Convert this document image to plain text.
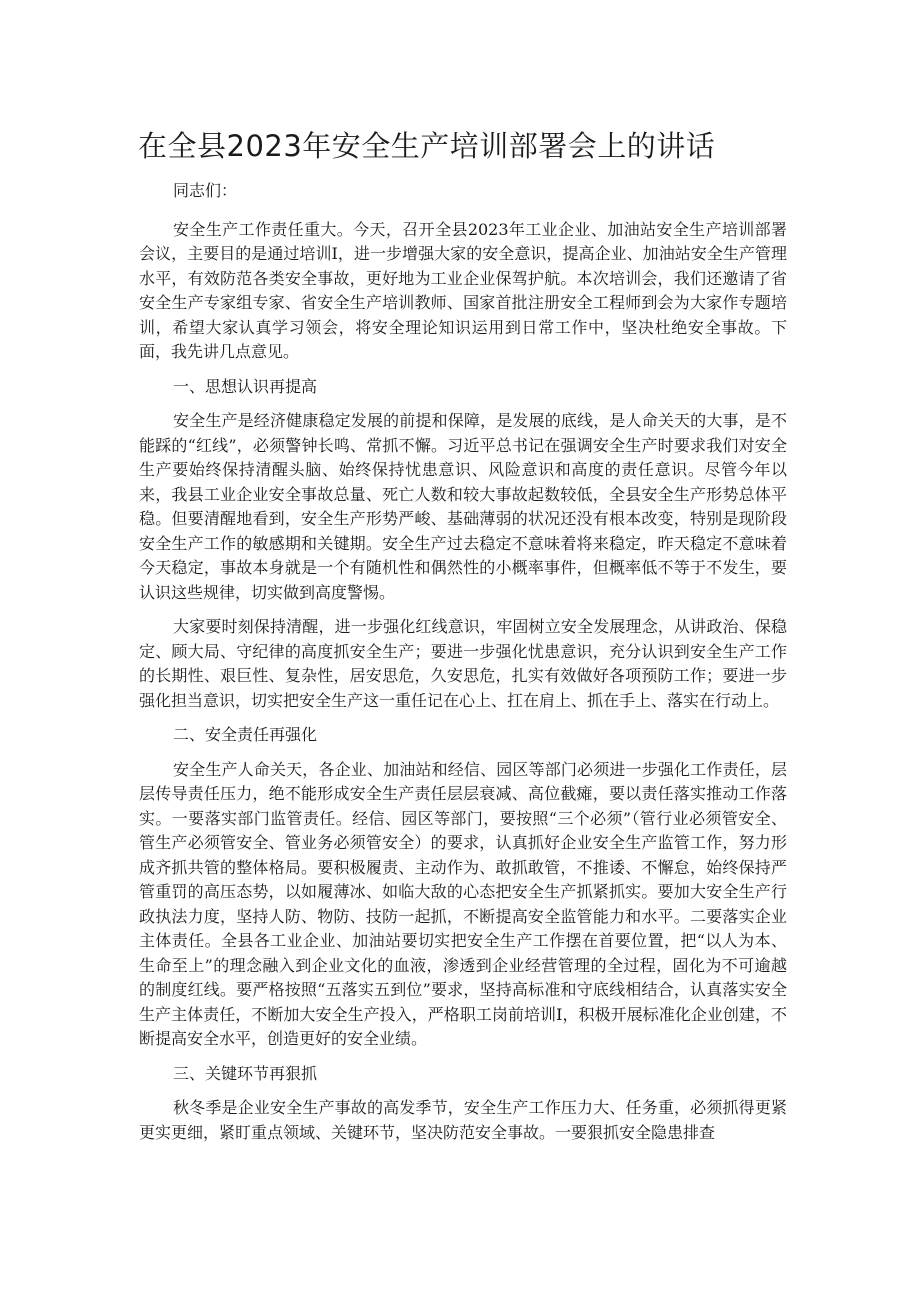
在全县2023年安全生产培训部署会上的讲话

同志们：

安全生产工作责任重大。今天，召开全县2023年工业企业、加油站安全生产培训部署会议，主要目的是通过培训I，进一步增强大家的安全意识，提高企业、加油站安全生产管理水平，有效防范各类安全事故，更好地为工业企业保驾护航。本次培训会，我们还邀请了省安全生产专家组专家、省安全生产培训教师、国家首批注册安全工程师到会为大家作专题培训，希望大家认真学习领会，将安全理论知识运用到日常工作中，坚决杜绝安全事故。下面，我先讲几点意见。

一、思想认识再提高

安全生产是经济健康稳定发展的前提和保障，是发展的底线，是人命关天的大事，是不能踩的“红线”，必须警钟长鸣、常抓不懈。习近平总书记在强调安全生产时要求我们对安全生产要始终保持清醒头脑、始终保持忧患意识、风险意识和高度的责任意识。尽管今年以来，我县工业企业安全事故总量、死亡人数和较大事故起数较低，全县安全生产形势总体平稳。但要清醒地看到，安全生产形势严峻、基础薄弱的状况还没有根本改变，特别是现阶段安全生产工作的敏感期和关键期。安全生产过去稳定不意味着将来稳定，昨天稳定不意味着今天稳定，事故本身就是一个有随机性和偶然性的小概率事件，但概率低不等于不发生，要认识这些规律，切实做到高度警惕。

大家要时刻保持清醒，进一步强化红线意识，牢固树立安全发展理念，从讲政治、保稳定、顾大局、守纪律的高度抓安全生产；要进一步强化忧患意识，充分认识到安全生产工作的长期性、艰巨性、复杂性，居安思危，久安思危，扎实有效做好各项预防工作；要进一步强化担当意识，切实把安全生产这一重任记在心上、扛在肩上、抓在手上、落实在行动上。

二、安全责任再强化

安全生产人命关天，各企业、加油站和经信、园区等部门必须进一步强化工作责任，层层传导责任压力，绝不能形成安全生产责任层层衰减、高位截瘫，要以责任落实推动工作落实。一要落实部门监管责任。经信、园区等部门，要按照“三个必须”（管行业必须管安全、管生产必须管安全、管业务必须管安全）的要求，认真抓好企业安全生产监管工作，努力形成齐抓共管的整体格局。要积极履责、主动作为、敢抓敢管，不推诿、不懈怠，始终保持严管重罚的高压态势，以如履薄冰、如临大敌的心态把安全生产抓紧抓实。要加大安全生产行政执法力度，坚持人防、物防、技防一起抓，不断提高安全监管能力和水平。二要落实企业主体责任。全县各工业企业、加油站要切实把安全生产工作摆在首要位置，把“以人为本、生命至上”的理念融入到企业文化的血液，渗透到企业经营管理的全过程，固化为不可逾越的制度红线。要严格按照“五落实五到位”要求，坚持高标准和守底线相结合，认真落实安全生产主体责任，不断加大安全生产投入，严格职工岗前培训I，积极开展标准化企业创建，不断提高安全水平，创造更好的安全业绩。

三、关键环节再狠抓

秋冬季是企业安全生产事故的高发季节，安全生产工作压力大、任务重，必须抓得更紧更实更细，紧盯重点领域、关键环节，坚决防范安全事故。一要狠抓安全隐患排查
